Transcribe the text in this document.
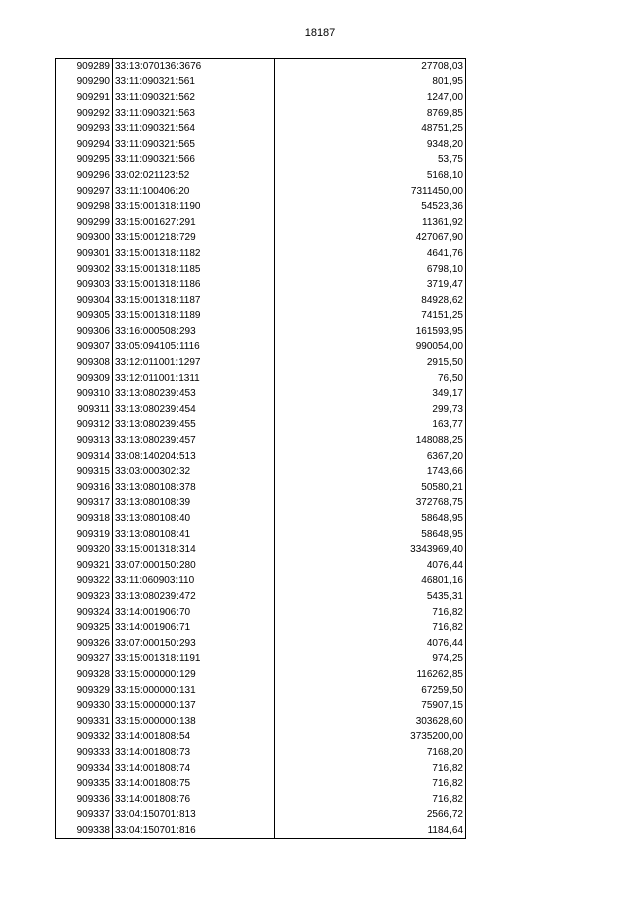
18187
909289	33:13:070136:3676	27708,03
909290	33:11:090321:561	801,95
909291	33:11:090321:562	1247,00
909292	33:11:090321:563	8769,85
909293	33:11:090321:564	48751,25
909294	33:11:090321:565	9348,20
909295	33:11:090321:566	53,75
909296	33:02:021123:52	5168,10
909297	33:11:100406:20	7311450,00
909298	33:15:001318:1190	54523,36
909299	33:15:001627:291	11361,92
909300	33:15:001218:729	427067,90
909301	33:15:001318:1182	4641,76
909302	33:15:001318:1185	6798,10
909303	33:15:001318:1186	3719,47
909304	33:15:001318:1187	84928,62
909305	33:15:001318:1189	74151,25
909306	33:16:000508:293	161593,95
909307	33:05:094105:1116	990054,00
909308	33:12:011001:1297	2915,50
909309	33:12:011001:1311	76,50
909310	33:13:080239:453	349,17
909311	33:13:080239:454	299,73
909312	33:13:080239:455	163,77
909313	33:13:080239:457	148088,25
909314	33:08:140204:513	6367,20
909315	33:03:000302:32	1743,66
909316	33:13:080108:378	50580,21
909317	33:13:080108:39	372768,75
909318	33:13:080108:40	58648,95
909319	33:13:080108:41	58648,95
909320	33:15:001318:314	3343969,40
909321	33:07:000150:280	4076,44
909322	33:11:060903:110	46801,16
909323	33:13:080239:472	5435,31
909324	33:14:001906:70	716,82
909325	33:14:001906:71	716,82
909326	33:07:000150:293	4076,44
909327	33:15:001318:1191	974,25
909328	33:15:000000:129	116262,85
909329	33:15:000000:131	67259,50
909330	33:15:000000:137	75907,15
909331	33:15:000000:138	303628,60
909332	33:14:001808:54	3735200,00
909333	33:14:001808:73	7168,20
909334	33:14:001808:74	716,82
909335	33:14:001808:75	716,82
909336	33:14:001808:76	716,82
909337	33:04:150701:813	2566,72
909338	33:04:150701:816	1184,64
